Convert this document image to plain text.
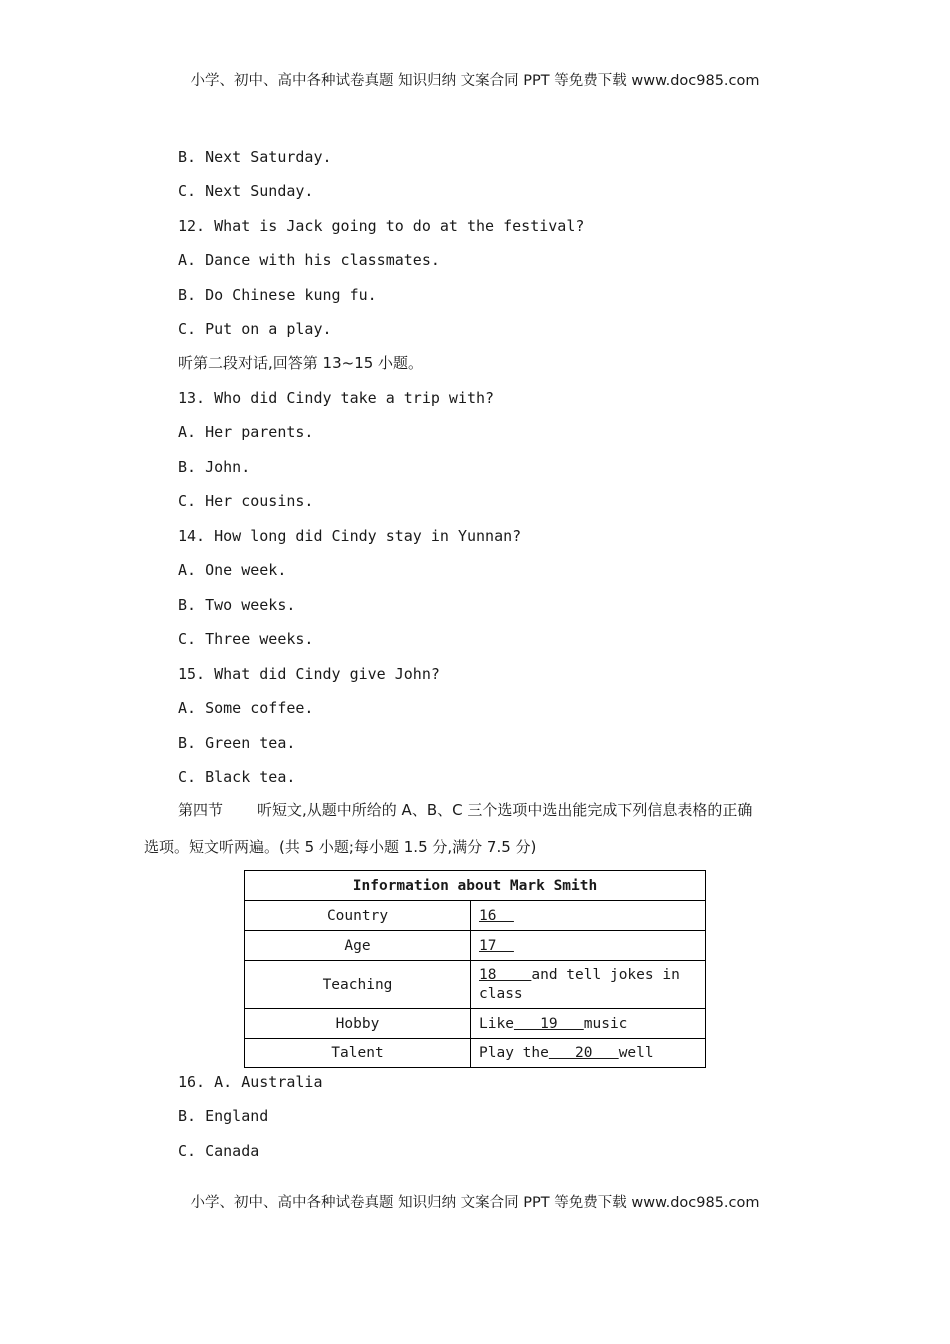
小学、初中、高中各种试卷真题 知识归纳 文案合同 PPT 等免费下载 www.doc985.com
B. Next Saturday.
C. Next Sunday.
12. What is Jack going to do at the festival?
A. Dance with his classmates.
B. Do Chinese kung fu.
C. Put on a play.
听第二段对话,回答第 13~15 小题。
13. Who did Cindy take a trip with?
A. Her parents.
B. John.
C. Her cousins.
14. How long did Cindy stay in Yunnan?
A. One week.
B. Two weeks.
C. Three weeks.
15. What did Cindy give John?
A. Some coffee.
B. Green tea.
C. Black tea.
第四节 听短文,从题中所给的 A、B、C 三个选项中选出能完成下列信息表格的正确
选项。短文听两遍。(共 5 小题;每小题 1.5 分,满分 7.5 分)
Information about Mark Smith	
Country	16
Age	17
Teaching	18    and tell jokes in class
Hobby	Like   19   music
Talent	Play the   20   well
16. A. Australia
B. England
C. Canada
小学、初中、高中各种试卷真题 知识归纳 文案合同 PPT 等免费下载 www.doc985.com
